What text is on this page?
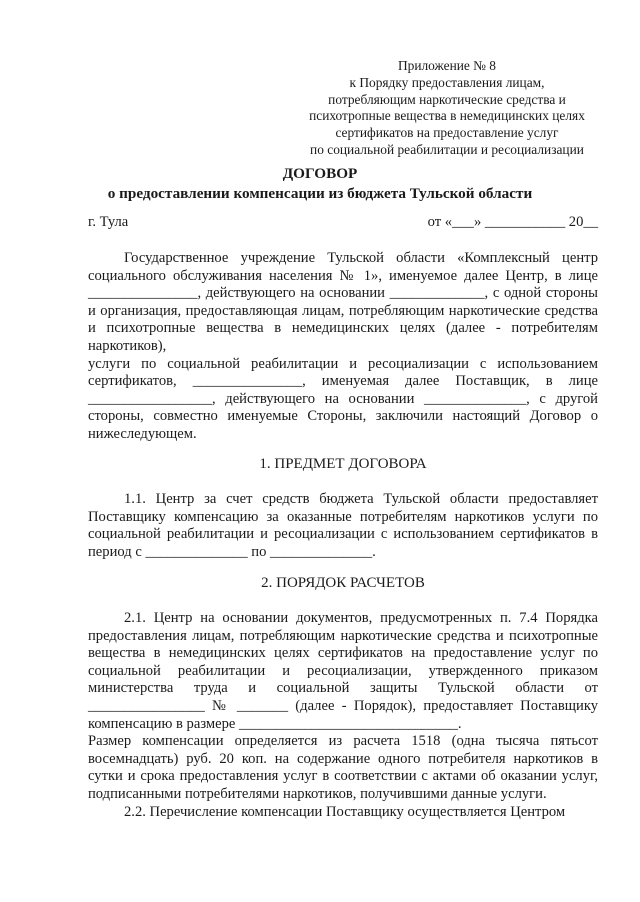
Приложение № 8
к Порядку предоставления лицам,
потребляющим наркотические средства и
психотропные вещества в немедицинских целях
сертификатов на предоставление услуг
по социальной реабилитации и ресоциализации
ДОГОВОР
о предоставлении компенсации из бюджета Тульской области
г. Тула	от «___» ___________ 20__

Государственное учреждение Тульской области «Комплексный центр социального обслуживания населения № 1», именуемое далее Центр, в лице _______________, действующего на основании _____________, с одной стороны и организация, предоставляющая лицам, потребляющим наркотические средства и психотропные вещества в немедицинских целях (далее - потребителям наркотиков),

услуги по социальной реабилитации и ресоциализации с использованием сертификатов, _______________, именуемая далее Поставщик, в лице _________________, действующего на основании ______________, с другой стороны, совместно именуемые Стороны, заключили настоящий Договор о нижеследующем.

1. ПРЕДМЕТ ДОГОВОРА

1.1. Центр за счет средств бюджета Тульской области предоставляет Поставщику компенсацию за оказанные потребителям наркотиков услуги по социальной реабилитации и ресоциализации с использованием сертификатов в период с ______________ по ______________.

2. ПОРЯДОК РАСЧЕТОВ

2.1. Центр на основании документов, предусмотренных п. 7.4 Порядка предоставления лицам, потребляющим наркотические средства и психотропные вещества в немедицинских целях сертификатов на предоставление услуг по социальной реабилитации и ресоциализации, утвержденного приказом министерства труда и социальной защиты Тульской области от ________________ № _______ (далее - Порядок), предоставляет Поставщику компенсацию в размере ______________________________.

Размер компенсации определяется из расчета 1518 (одна тысяча пятьсот восемнадцать) руб. 20 коп. на содержание одного потребителя наркотиков в сутки и срока предоставления услуг в соответствии с актами об оказании услуг, подписанными потребителями наркотиков, получившими данные услуги.

2.2. Перечисление компенсации Поставщику осуществляется Центром
